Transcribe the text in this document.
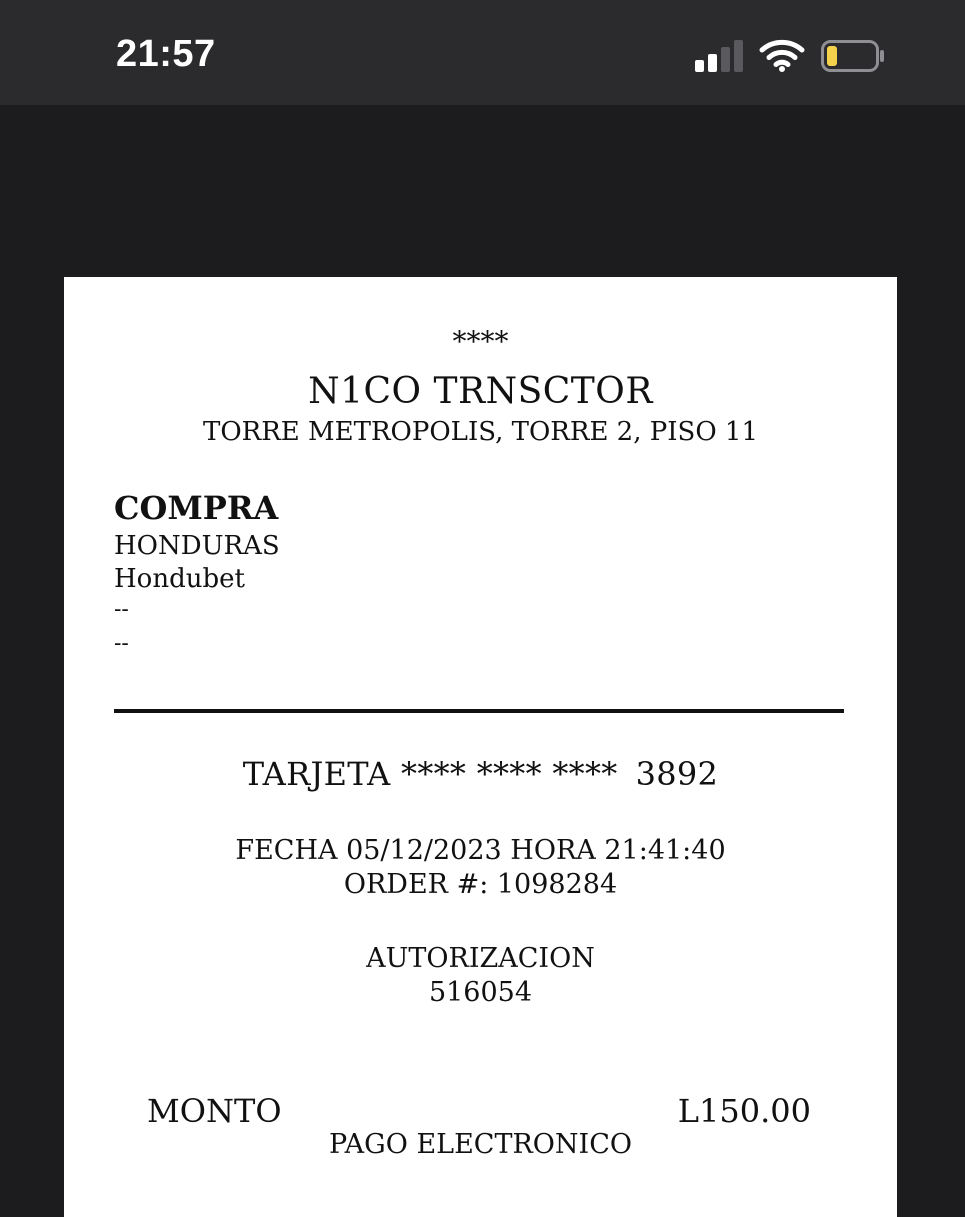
21:57
****
N1CO TRNSCTOR
TORRE METROPOLIS, TORRE 2, PISO 11
COMPRA
HONDURAS
Hondubet
--
--
TARJETA **** **** **** 3892
FECHA 05/12/2023 HORA 21:41:40
ORDER #: 1098284
AUTORIZACION
516054
MONTO	L150.00
PAGO ELECTRONICO
